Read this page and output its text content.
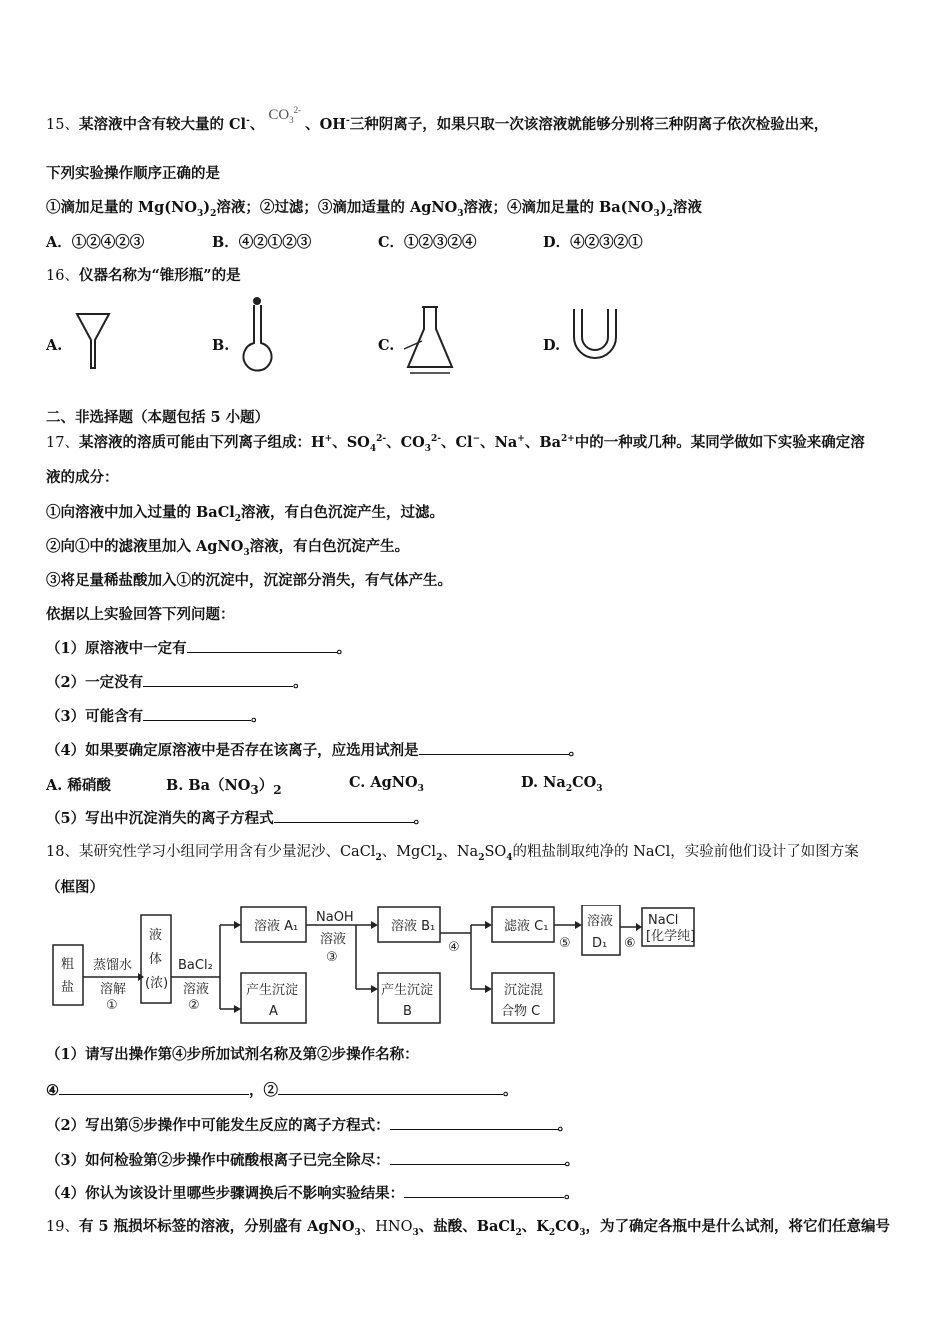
15、某溶液中含有较大量的 Cl-、$CO_3^{2-}$、OH-三种阴离子，如果只取一次该溶液就能够分别将三种阴离子依次检验出来，
下列实验操作顺序正确的是
①滴加足量的 $Mg(NO_3)_2$溶液；②过滤；③滴加适量的 AgNO$_3$溶液；④滴加足量的 $Ba(NO_3)_2$溶液
A．①②④②③	B．④②①②③	C．①②③②④	D．④②③②①
16、仪器名称为“锥形瓶”的是
A.	B.	C.	D.
二、非选择题（本题包括 5 小题）
17、某溶液的溶质可能由下列离子组成：H+、$SO_4^{2-}$、$CO_3^{2-}$、Cl−、Na+、$Ba^{2+}$中的一种或几种。某同学做如下实验来确定溶
液的成分：
①向溶液中加入过量的 BaCl$_2$溶液，有白色沉淀产生，过滤。
②向①中的滤液里加入 AgNO$_3$溶液，有白色沉淀产生。
③将足量稀盐酸加入①的沉淀中，沉淀部分消失，有气体产生。
依据以上实验回答下列问题：
（1）原溶液中一定有	。
（2）一定没有	。
（3）可能含有	。
（4）如果要确定原溶液中是否存在该离子，应选用试剂是	。
A. 稀硝酸	B. $Ba(NO_3)_2$	C. AgNO$_3$	D. $Na_2CO_3$
（5）写出中沉淀消失的离子方程式	。
18、某研究性学习小组同学用含有少量泥沙、CaCl$_2$、MgCl$_2$、$Na_2SO_4$的粗盐制取纯净的 NaCl，实验前他们设计了如图方案
（框图）
粗
盐
蒸馏水
溶解
①
液
体
(浓)
BaCl₂
溶液
②
溶液 A₁
产生沉淀
A
NaOH
溶液
③
溶液 B₁
产生沉淀
B
④
滤液 C₁
沉淀混
合物 C
⑤
溶液
D₁ ⑥
NaCl
[化学纯]
（1）请写出操作第④步所加试剂名称及第②步操作名称：
④	，②	。
（2）写出第⑤步操作中可能发生反应的离子方程式：	。
（3）如何检验第②步操作中硫酸根离子已完全除尽：	。
（4）你认为该设计里哪些步骤调换后不影响实验结果：	。
19、有 5 瓶损坏标签的溶液，分别盛有 AgNO$_3$、$HNO_3$、盐酸、BaCl$_2$、$K_2CO_3$，为了确定各瓶中是什么试剂，将它们任意编号
